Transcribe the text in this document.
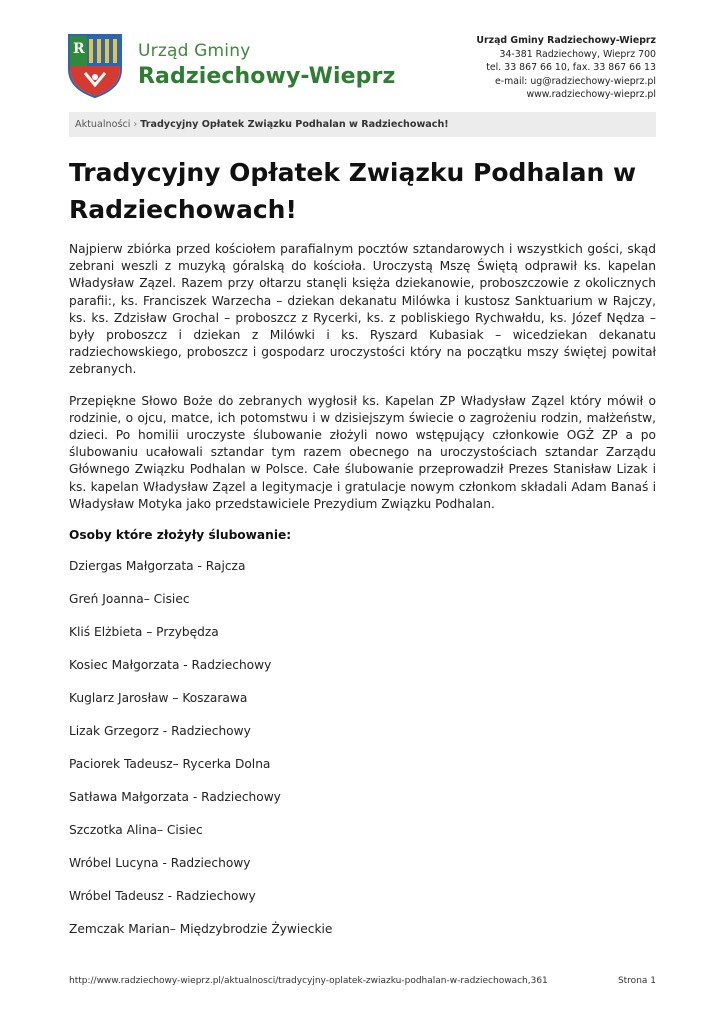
R	Urząd Gminy
Radziechowy-Wieprz
Urząd Gminy Radziechowy-Wieprz
34-381 Radziechowy, Wieprz 700
tel. 33 867 66 10, fax. 33 867 66 13
e-mail: ug@radziechowy-wieprz.pl
www.radziechowy-wieprz.pl
Aktualności › Tradycyjny Opłatek Związku Podhalan w Radziechowach!
Tradycyjny Opłatek Związku Podhalan w Radziechowach!

Najpierw zbiórka przed kościołem parafialnym pocztów sztandarowych i wszystkich gości, skąd zebrani weszli z muzyką góralską do kościoła. Uroczystą Mszę Świętą odprawił ks. kapelan Władysław Zązel. Razem przy ołtarzu stanęli księża dziekanowie, proboszczowie z okolicznych parafii:, ks. Franciszek Warzecha – dziekan dekanatu Milówka i kustosz Sanktuarium w Rajczy, ks. ks. Zdzisław Grochal – proboszcz z Rycerki, ks. z pobliskiego Rychwałdu, ks. Józef Nędza – były proboszcz i dziekan z Milówki i ks. Ryszard Kubasiak – wicedziekan dekanatu radziechowskiego, proboszcz i gospodarz uroczystości który na początku mszy świętej powitał zebranych.

Przepiękne Słowo Boże do zebranych wygłosił ks. Kapelan ZP Władysław Zązel który mówił o rodzinie, o ojcu, matce, ich potomstwu i w dzisiejszym świecie o zagrożeniu rodzin, małżeństw, dzieci. Po homilii uroczyste ślubowanie złożyli nowo wstępujący członkowie OGŻ ZP a po ślubowaniu ucałowali sztandar tym razem obecnego na uroczystościach sztandar Zarządu Głównego Związku Podhalan w Polsce. Całe ślubowanie przeprowadził Prezes Stanisław Lizak i ks. kapelan Władysław Zązel a legitymacje i gratulacje nowym członkom składali Adam Banaś i Władysław Motyka jako przedstawiciele Prezydium Związku Podhalan.

Osoby które złożyły ślubowanie:

Dziergas Małgorzata - Rajcza

Greń Joanna– Cisiec

Kliś Elżbieta – Przybędza

Kosiec Małgorzata - Radziechowy

Kuglarz Jarosław – Koszarawa

Lizak Grzegorz - Radziechowy

Paciorek Tadeusz– Rycerka Dolna

Satława Małgorzata - Radziechowy

Szczotka Alina– Cisiec

Wróbel Lucyna - Radziechowy

Wróbel Tadeusz - Radziechowy

Zemczak Marian– Międzybrodzie Żywieckie

http://www.radziechowy-wieprz.pl/aktualnosci/tradycyjny-oplatek-zwiazku-podhalan-w-radziechowach,361	Strona 1
